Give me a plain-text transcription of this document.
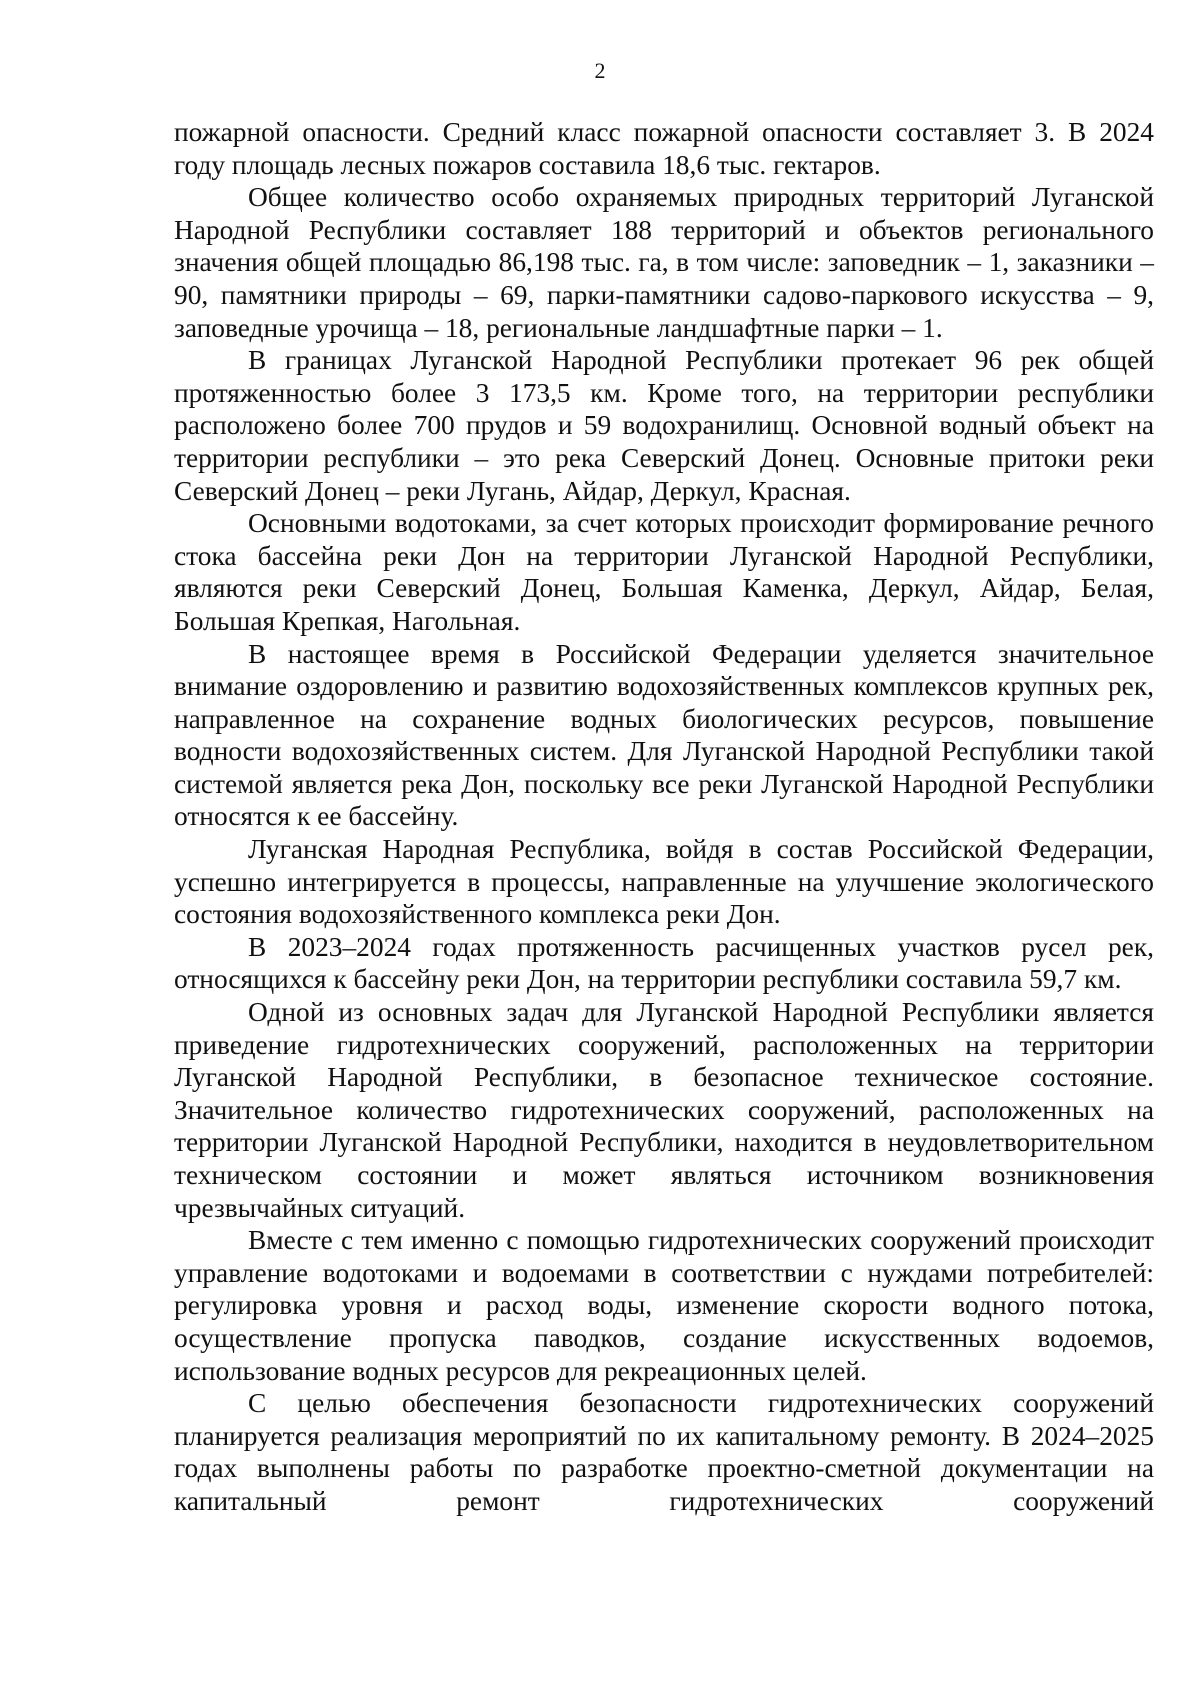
2

пожарной опасности. Средний класс пожарной опасности составляет 3. В 2024 году площадь лесных пожаров составила 18,6 тыс. гектаров.

Общее количество особо охраняемых природных территорий Луганской Народной Республики составляет 188 территорий и объектов регионального значения общей площадью 86,198 тыс. га, в том числе: заповедник – 1, заказники – 90, памятники природы – 69, парки-памятники садово-паркового искусства – 9, заповедные урочища – 18, региональные ландшафтные парки – 1.

В границах Луганской Народной Республики протекает 96 рек общей протяженностью более 3 173,5 км. Кроме того, на территории республики расположено более 700 прудов и 59 водохранилищ. Основной водный объект на территории республики – это река Северский Донец. Основные притоки реки Северский Донец – реки Лугань, Айдар, Деркул, Красная.

Основными водотоками, за счет которых происходит формирование речного стока бассейна реки Дон на территории Луганской Народной Республики, являются реки Северский Донец, Большая Каменка, Деркул, Айдар, Белая, Большая Крепкая, Нагольная.

В настоящее время в Российской Федерации уделяется значительное внимание оздоровлению и развитию водохозяйственных комплексов крупных рек, направленное на сохранение водных биологических ресурсов, повышение водности водохозяйственных систем. Для Луганской Народной Республики такой системой является река Дон, поскольку все реки Луганской Народной Республики относятся к ее бассейну.

Луганская Народная Республика, войдя в состав Российской Федерации, успешно интегрируется в процессы, направленные на улучшение экологического состояния водохозяйственного комплекса реки Дон.

В 2023–2024 годах протяженность расчищенных участков русел рек, относящихся к бассейну реки Дон, на территории республики составила 59,7 км.

Одной из основных задач для Луганской Народной Республики является приведение гидротехнических сооружений, расположенных на территории Луганской Народной Республики, в безопасное техническое состояние. Значительное количество гидротехнических сооружений, расположенных на территории Луганской Народной Республики, находится в неудовлетворительном техническом состоянии и может являться источником возникновения чрезвычайных ситуаций.

Вместе с тем именно с помощью гидротехнических сооружений происходит управление водотоками и водоемами в соответствии с нуждами потребителей: регулировка уровня и расход воды, изменение скорости водного потока, осуществление пропуска паводков, создание искусственных водоемов, использование водных ресурсов для рекреационных целей.

С целью обеспечения безопасности гидротехнических сооружений планируется реализация мероприятий по их капитальному ремонту. В 2024–2025 годах выполнены работы по разработке проектно-сметной документации на капитальный ремонт гидротехнических сооружений
